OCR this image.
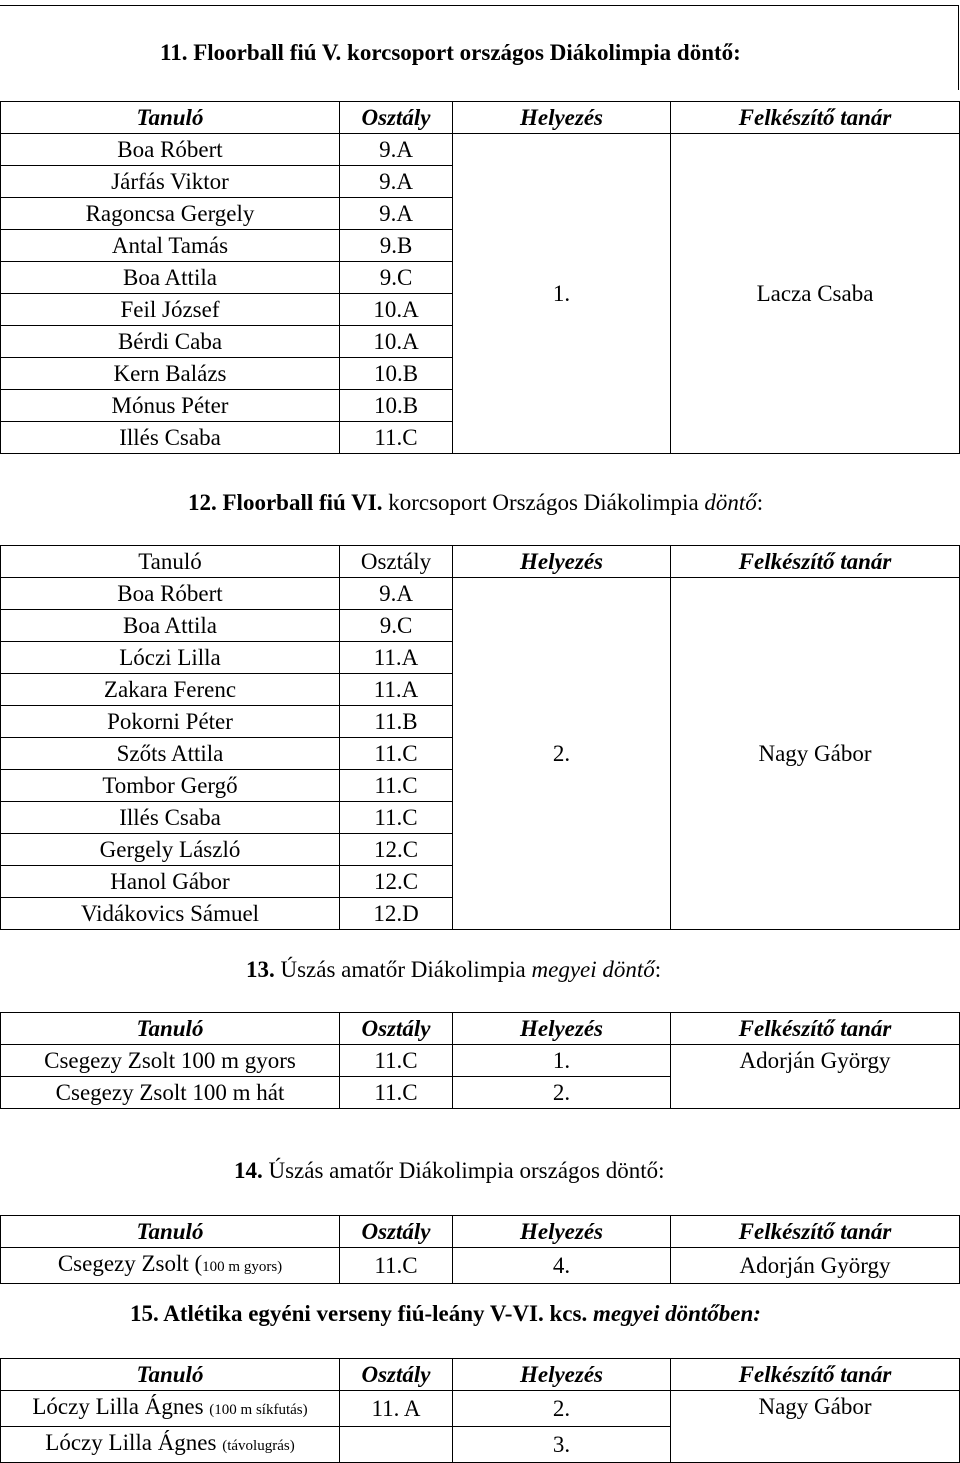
11. Floorball fiú V. korcsoport országos Diákolimpia döntő:
Tanuló	Osztály	Helyezés	Felkészítő tanár
Boa Róbert	9.A	1.	Lacza Csaba
Járfás Viktor	9.A		
Ragoncsa Gergely	9.A		
Antal Tamás	9.B		
Boa Attila	9.C		
Feil József	10.A		
Bérdi Caba	10.A		
Kern Balázs	10.B		
Mónus Péter	10.B		
Illés Csaba	11.C		
12. Floorball fiú VI. korcsoport Országos Diákolimpia döntő:
Tanuló	Osztály	Helyezés	Felkészítő tanár
Boa Róbert	9.A	2.	Nagy Gábor
Boa Attila	9.C		
Lóczi Lilla	11.A		
Zakara Ferenc	11.A		
Pokorni Péter	11.B		
Szőts Attila	11.C		
Tombor Gergő	11.C		
Illés Csaba	11.C		
Gergely László	12.C		
Hanol Gábor	12.C		
Vidákovics Sámuel	12.D		
13. Úszás amatőr Diákolimpia megyei döntő:
Tanuló	Osztály	Helyezés	Felkészítő tanár
Csegezy Zsolt 100 m gyors	11.C	1.	Adorján György
Csegezy Zsolt 100 m hát	11.C	2.	
14. Úszás amatőr Diákolimpia országos döntő:
Tanuló	Osztály	Helyezés	Felkészítő tanár
Csegezy Zsolt (100 m gyors)	11.C	4.	Adorján György
15. Atlétika egyéni verseny fiú-leány V-VI. kcs. megyei döntőben:
Tanuló	Osztály	Helyezés	Felkészítő tanár
Lóczy Lilla Ágnes (100 m síkfutás)	11. A	2.	Nagy Gábor
Lóczy Lilla Ágnes (távolugrás)		3.	
